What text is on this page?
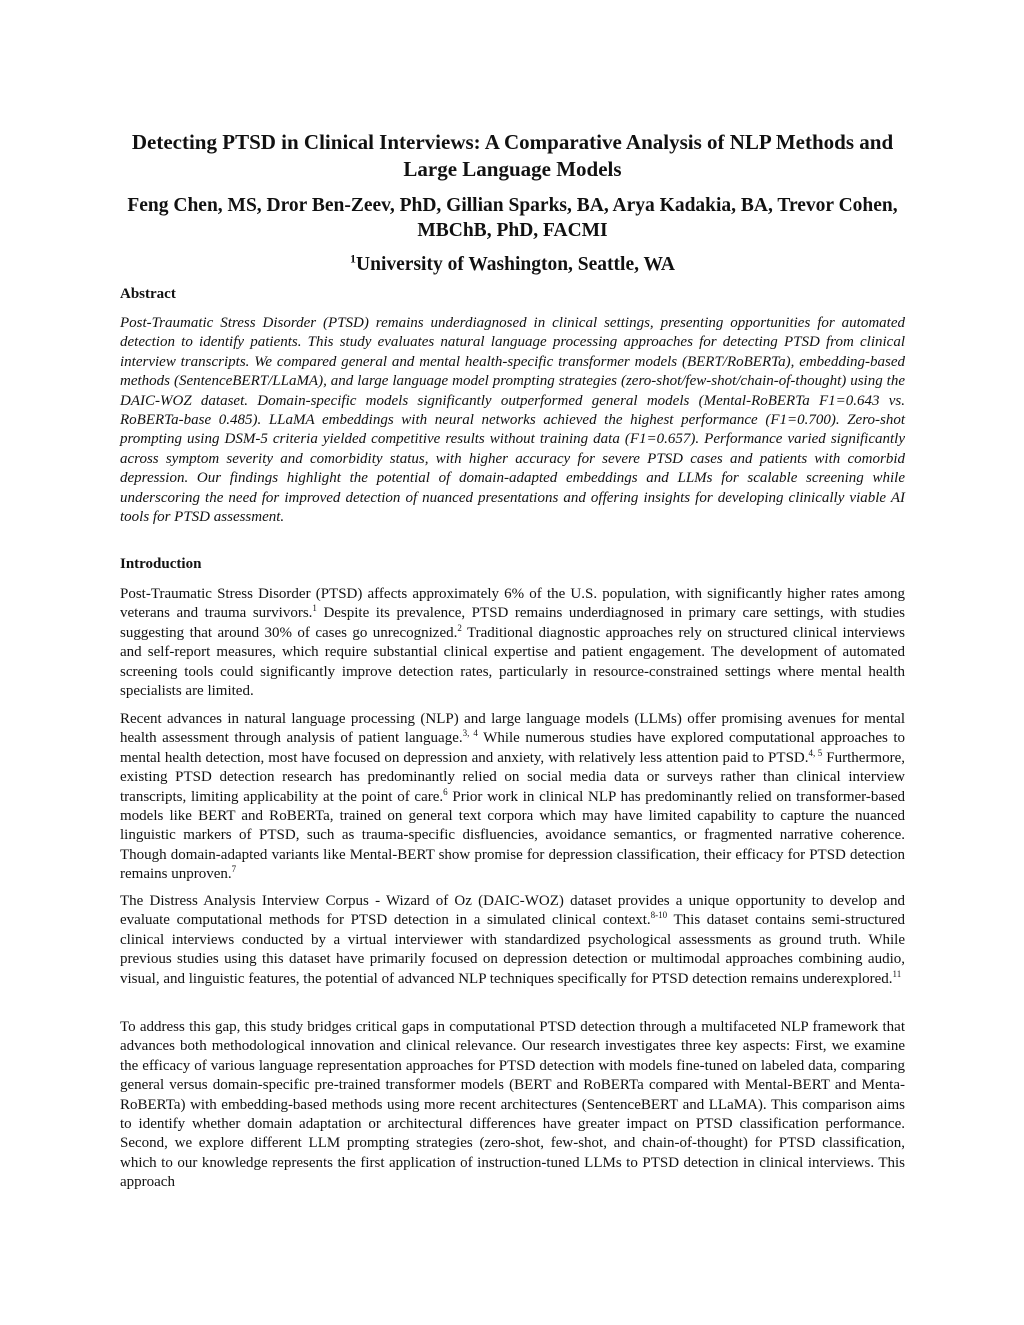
Detecting PTSD in Clinical Interviews: A Comparative Analysis of NLP Methods and Large Language Models

Feng Chen, MS, Dror Ben-Zeev, PhD, Gillian Sparks, BA, Arya Kadakia, BA, Trevor Cohen, MBChB, PhD, FACMI

$^1$University of Washington, Seattle, WA

Abstract

Post-Traumatic Stress Disorder (PTSD) remains underdiagnosed in clinical settings, presenting opportunities for automated detection to identify patients. This study evaluates natural language processing approaches for detecting PTSD from clinical interview transcripts. We compared general and mental health-specific transformer models (BERT/RoBERTa), embedding-based methods (SentenceBERT/LLaMA), and large language model prompting strategies (zero-shot/few-shot/chain-of-thought) using the DAIC-WOZ dataset. Domain-specific models significantly outperformed general models (Mental-RoBERTa F1=0.643 vs. RoBERTa-base 0.485). LLaMA embeddings with neural networks achieved the highest performance (F1=0.700). Zero-shot prompting using DSM-5 criteria yielded competitive results without training data (F1=0.657). Performance varied significantly across symptom severity and comorbidity status, with higher accuracy for severe PTSD cases and patients with comorbid depression. Our findings highlight the potential of domain-adapted embeddings and LLMs for scalable screening while underscoring the need for improved detection of nuanced presentations and offering insights for developing clinically viable AI tools for PTSD assessment.

Introduction

Post-Traumatic Stress Disorder (PTSD) affects approximately 6% of the U.S. population, with significantly higher rates among veterans and trauma survivors.$^1$ Despite its prevalence, PTSD remains underdiagnosed in primary care settings, with studies suggesting that around 30% of cases go unrecognized.$^2$ Traditional diagnostic approaches rely on structured clinical interviews and self-report measures, which require substantial clinical expertise and patient engagement. The development of automated screening tools could significantly improve detection rates, particularly in resource-constrained settings where mental health specialists are limited.

Recent advances in natural language processing (NLP) and large language models (LLMs) offer promising avenues for mental health assessment through analysis of patient language.$^{3, 4}$ While numerous studies have explored computational approaches to mental health detection, most have focused on depression and anxiety, with relatively less attention paid to PTSD.$^{4, 5}$ Furthermore, existing PTSD detection research has predominantly relied on social media data or surveys rather than clinical interview transcripts, limiting applicability at the point of care.$^6$ Prior work in clinical NLP has predominantly relied on transformer-based models like BERT and RoBERTa, trained on general text corpora which may have limited capability to capture the nuanced linguistic markers of PTSD, such as trauma-specific disfluencies, avoidance semantics, or fragmented narrative coherence. Though domain-adapted variants like Mental-BERT show promise for depression classification, their efficacy for PTSD detection remains unproven.$^7$

The Distress Analysis Interview Corpus - Wizard of Oz (DAIC-WOZ) dataset provides a unique opportunity to develop and evaluate computational methods for PTSD detection in a simulated clinical context.$^{8-10}$ This dataset contains semi-structured clinical interviews conducted by a virtual interviewer with standardized psychological assessments as ground truth. While previous studies using this dataset have primarily focused on depression detection or multimodal approaches combining audio, visual, and linguistic features, the potential of advanced NLP techniques specifically for PTSD detection remains underexplored.$^{11}$

To address this gap, this study bridges critical gaps in computational PTSD detection through a multifaceted NLP framework that advances both methodological innovation and clinical relevance. Our research investigates three key aspects: First, we examine the efficacy of various language representation approaches for PTSD detection with models fine-tuned on labeled data, comparing general versus domain-specific pre-trained transformer models (BERT and RoBERTa compared with Mental-BERT and Menta-RoBERTa) with embedding-based methods using more recent architectures (SentenceBERT and LLaMA). This comparison aims to identify whether domain adaptation or architectural differences have greater impact on PTSD classification performance. Second, we explore different LLM prompting strategies (zero-shot, few-shot, and chain-of-thought) for PTSD classification, which to our knowledge represents the first application of instruction-tuned LLMs to PTSD detection in clinical interviews. This approach
